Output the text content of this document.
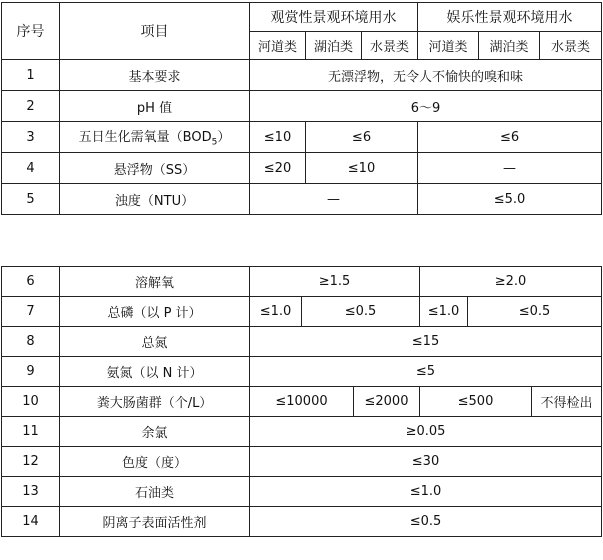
序号	项目	观赏性景观环境用水			娱乐性景观环境用水		
		河道类	湖泊类	水景类	河道类	湖泊类	水景类
1	基本要求	无漂浮物，无令人不愉快的嗅和味					
2	pH 值	6～9					
3	五日生化需氧量$(BOD_5)$	≤10	≤6		≤6		
4	悬浮物（SS）	≤20	≤10		—		
5	浊度（NTU）	—			≤5.0		
6	溶解氧	≥1.5			≥2.0		
7	总磷（以 P 计）	≤1.0	≤0.5		≤1.0	≤0.5	
8	总氮	≤15					
9	氨氮（以 N 计）	≤5					
10	粪大肠菌群（个/L）	≤10000		≤2000	≤500		不得检出
11	余氯	≥0.05					
12	色度（度）	≤30					
13	石油类	≤1.0					
14	阴离子表面活性剂	≤0.5					
